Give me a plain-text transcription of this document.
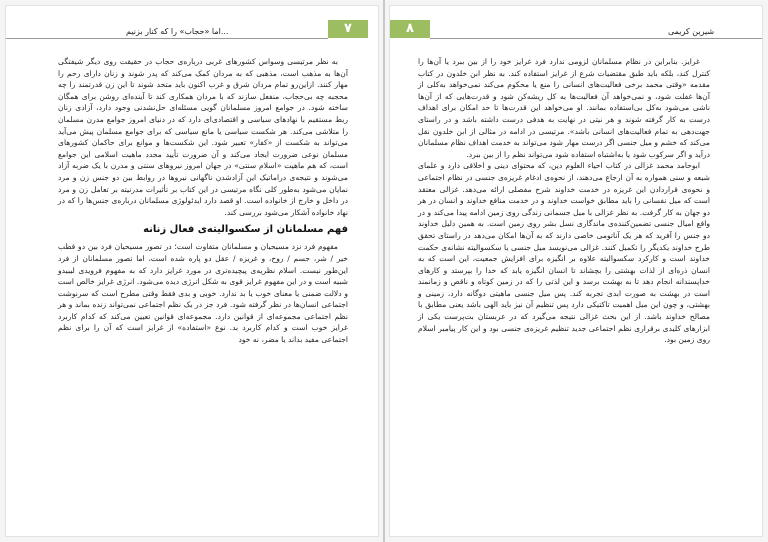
۷
اما «حجاب» را که کنار بزنیم...

به نظر مرتیسی وسواس کشورهای غربی درباره‌ی حجاب در حقیقت روی دیگر شیفتگی آن‌ها به مذهب است، مذهبی که به مردان کمک می‌کند که پدر شوند و زنان دارای رحم را مهار کنند. ازاین‌رو تمام مردان شرق و غرب اکنون باید متحد شوند تا این زن قدرتمند را چه محجبه چه بی‌حجاب، منفعل سازند که با مردان همکاری کند تا آینده‌ای روشن برای همگان ساخته شود. در جوامع امروز مسلمانان گویی مسئله‌ای حل‌نشدنی وجود دارد، آزادی زنان ربط مستقیم با نهادهای سیاسی و اقتصادی‌ای دارد که در دنیای امروز جوامع مدرن مسلمان را متلاشی می‌کند. هر شکست سیاسی یا مانع سیاسی که برای جوامع مسلمان پیش می‌آید می‌تواند به شکست از «کفار» تعبیر شود. این شکست‌ها و موانع برای حاکمان کشورهای مسلمان نوعی ضرورت ایجاد می‌کند و آن ضرورت تأیید مجدد ماهیت اسلامی این جوامع است، که هم ماهیت «اسلام سنتی» در جهان امروز نیروهای سنتی و مدرن با یک ضربه آزاد می‌شوند و نتیجه‌ی دراماتیک این آزادشدن ناگهانی نیروها در روابط بین دو جنس زن و مرد نمایان می‌شود به‌طور کلی نگاه مرتیسی در این کتاب بر تأثیرات مدرنیته بر تعامل زن و مرد در داخل و خارج از خانواده است. او قصد دارد ایدئولوژی مسلمانان درباره‌ی جنس‌ها را که در نهاد خانواده آشکار می‌شود بررسی کند.

فهم مسلمانان از سکسوالیته‌ی فعال زنانه

مفهوم فرد نزد مسیحیان و مسلمانان متفاوت است؛ در تصور مسیحیان فرد بین دو قطب خیر / شر، جسم / روح، و غریزه / عقل دو پاره شده است، اما تصور مسلمانان از فرد این‌طور نیست. اسلام نظریه‌ی پیچیده‌تری در مورد غرایز دارد که به مفهوم فرویدی لیبیدو شبیه است و در این مفهوم غرایز قوی به شکل انرژی دیده می‌شود. انرژی غرایز خالص است و دلالت ضمنی یا معنای خوب یا بد ندارد. خوبی و بدی فقط وقتی مطرح است که سرنوشت اجتماعی انسان‌ها در نظر گرفته شود. فرد جز در یک نظم اجتماعی نمی‌تواند زنده بماند و هر نظم اجتماعی مجموعه‌ای از قوانین دارد. مجموعه‌ای قوانین تعیین می‌کند که کدام کاربرد غرایز خوب است و کدام کاربرد بد. نوع «استفاده» از غرایز است که آن را برای نظم اجتماعی مفید بداند یا مضر، نه خود

۸	شیرین کریمی

غرایز. بنابراین در نظام مسلمانان لزومی ندارد فرد غرایز خود را از بین ببرد یا آن‌ها را کنترل کند، بلکه باید طبق مقتضیات شرع از غرایز استفاده کند. به نظر ابن خلدون در کتاب مقدمه «وقتی محمد برخی فعالیت‌های انسانی را منع یا محکوم می‌کند نمی‌خواهد به‌کلی از آن‌ها غفلت شود، و نمی‌خواهد آن فعالیت‌ها به کل ریشه‌کن شود و قدرت‌هایی که از آن‌ها ناشی می‌شود به‌کل بی‌استفاده بمانند. او می‌خواهد این قدرت‌ها تا حد امکان برای اهداف درست به کار گرفته شوند و هر نیتی در نهایت به هدفی درست داشته باشد و در راستای جهت‌دهی به تمام فعالیت‌های انسانی باشد». مرتیسی در ادامه در مثالی از ابن خلدون نقل می‌کند که خشم و میل جنسی اگر درست مهار شود می‌تواند به خدمت اهداف نظام مسلمانان درآید و اگر سرکوب شود یا به‌اشتباه استفاده شود می‌تواند نظم را از بین ببرد.

ابوحامد محمد غزالی در کتاب احیاء العلوم دین، که محتوای دینی و اخلاقی دارد و علمای شیعه و سنی همواره به آن ارجاع می‌دهند، از نحوه‌ی ادغام غریزه‌ی جنسی در نظام اجتماعی و نحوه‌ی قراردادن این غریزه در خدمت خداوند شرح مفصلی ارائه می‌دهد. غزالی معتقد است که میل نفسانی را باید مطابق خواست خداوند و در خدمت منافع خداوند و انسان در هر دو جهان به کار گرفت. به نظر غزالی با میل جسمانی زندگی روی زمین ادامه پیدا می‌کند و در واقع امیال جنسی تضمین‌کننده‌ی ماندگاری نسل بشر روی زمین است. به همین دلیل خداوند دو جنس را آفرید که هر یک آناتومی خاصی دارند که به آن‌ها امکان می‌دهد در راستای تحقق طرح خداوند یکدیگر را تکمیل کنند. غزالی می‌نویسد میل جنسی یا سکسوالیته نشانه‌ی حکمت خداوند است و کارکرد سکسوالیته علاوه بر انگیزه برای افزایش جمعیت، این است که به انسان ذره‌ای از لذات بهشتی را بچشاند تا انسان انگیزه یابد که خدا را بپرستد و کارهای خداپسندانه انجام دهد تا به بهشت برسد و این لذتی را که در زمین کوتاه و ناقص و زمانمند است در بهشت به صورت ابدی تجربه کند. پس میل جنسی ماهیتی دوگانه دارد، زمینی و بهشتی، و چون این میل اهمیت تاکتیکی دارد پس تنظیم آن نیز باید الهی باشد یعنی مطابق با مصالح خداوند باشد. از این بحث غزالی نتیجه می‌گیرد که در عربستان بت‌پرست یکی از ابزارهای کلیدی برقراری نظم اجتماعی جدید تنظیم غریزه‌ی جنسی بود و این کار پیامبر اسلام روی زمین بود.
